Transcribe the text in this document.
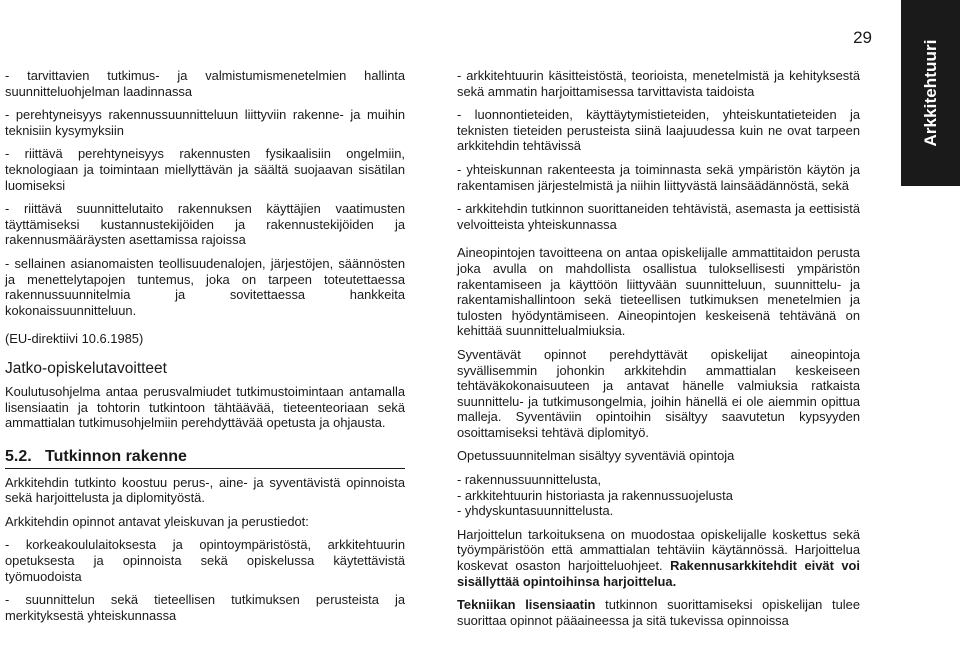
29
Arkkitehtuuri

- tarvittavien tutkimus- ja valmistumismenetelmien hallinta suunnitteluohjelman laadinnassa

- perehtyneisyys rakennussuunnitteluun liittyviin rakenne- ja muihin teknisiin kysymyksiin

- riittävä perehtyneisyys rakennusten fysikaalisiin ongelmiin, teknologiaan ja toimintaan miellyttävän ja säältä suojaavan sisätilan luomiseksi

- riittävä suunnittelutaito rakennuksen käyttäjien vaatimusten täyttämiseksi kustannustekijöiden ja rakennustekijöiden ja rakennusmääräysten asettamissa rajoissa

- sellainen asianomaisten teollisuudenalojen, järjestöjen, säännösten ja menettelytapojen tuntemus, joka on tarpeen toteutettaessa rakennussuunnitelmia ja sovitettaessa hankkeita kokonaissuunnitteluun.

(EU-direktiivi 10.6.1985)

Jatko-opiskelutavoitteet

Koulutusohjelma antaa perusvalmiudet tutkimustoimintaan antamalla lisensiaatin ja tohtorin tutkintoon tähtäävää, tieteenteoriaan sekä ammattialan tutkimusohjelmiin perehdyttävää opetusta ja ohjausta.

5.2. Tutkinnon rakenne

Arkkitehdin tutkinto koostuu perus-, aine- ja syventävistä opinnoista sekä harjoittelusta ja diplomityöstä.

Arkkitehdin opinnot antavat yleiskuvan ja perustiedot:

- korkeakoululaitoksesta ja opintoympäristöstä, arkkitehtuurin opetuksesta ja opinnoista sekä opiskelussa käytettävistä työmuodoista

- suunnittelun sekä tieteellisen tutkimuksen perusteista ja merkityksestä yhteiskunnassa

- arkkitehtuurin käsitteistöstä, teorioista, menetelmistä ja kehityksestä sekä ammatin harjoittamisessa tarvittavista taidoista

- luonnontieteiden, käyttäytymistieteiden, yhteiskuntatieteiden ja teknisten tieteiden perusteista siinä laajuudessa kuin ne ovat tarpeen arkkitehdin tehtävissä

- yhteiskunnan rakenteesta ja toiminnasta sekä ympäristön käytön ja rakentamisen järjestelmistä ja niihin liittyvästä lainsäädännöstä, sekä

- arkkitehdin tutkinnon suorittaneiden tehtävistä, asemasta ja eettisistä velvoitteista yhteiskunnassa

Aineopintojen tavoitteena on antaa opiskelijalle ammattitaidon perusta joka avulla on mahdollista osallistua tuloksellisesti ympäristön rakentamiseen ja käyttöön liittyvään suunnitteluun, suunnittelu- ja rakentamishallintoon sekä tieteellisen tutkimuksen menetelmien ja tulosten hyödyntämiseen. Aineopintojen keskeisenä tehtävänä on kehittää suunnittelualmiuksia.

Syventävät opinnot perehdyttävät opiskelijat aineopintoja syvällisemmin johonkin arkkitehdin ammattialan keskeiseen tehtäväkokonaisuuteen ja antavat hänelle valmiuksia ratkaista suunnittelu- ja tutkimusongelmia, joihin hänellä ei ole aiemmin opittua malleja. Syventäviin opintoihin sisältyy saavutetun kypsyyden osoittamiseksi tehtävä diplomityö.

Opetussuunnitelman sisältyy syventäviä opintoja

- rakennussuunnittelusta,

- arkkitehtuurin historiasta ja rakennussuojelusta

- yhdyskuntasuunnittelusta.

Harjoittelun tarkoituksena on muodostaa opiskelijalle koskettus sekä työympäristöön että ammattialan tehtäviin käytännössä. Harjoittelua koskevat osaston harjoitteluohjeet. Rakennusarkkitehdit eivät voi sisällyttää opintoihinsa harjoittelua.

Tekniikan lisensiaatin tutkinnon suorittamiseksi opiskelijan tulee suorittaa opinnot pääaineessa ja sitä tukevissa opinnoissa
